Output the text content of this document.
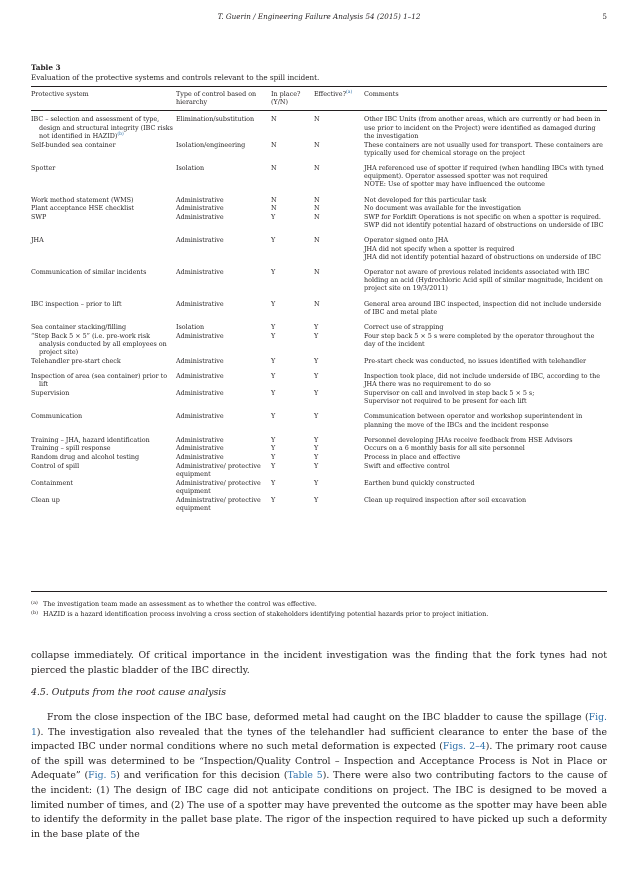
T. Guerin / Engineering Failure Analysis 54 (2015) 1–12	5
Table 3
Evaluation of the protective systems and controls relevant to the spill incident.
Protective system	Type of control based on hierarchy	In place? (Y/N)	Effective?$^{(a)}$	Comments
IBC – selection and assessment of type, design and structural integrity (IBC risks not identified in HAZID)$^{(b)}$	Elimination/substitution	N	N	Other IBC Units (from another areas, which are currently or had been in use prior to incident on the Project) were identified as damaged during the investigation
Self-bunded sea container	Isolation/engineering	N	N	These containers are not usually used for transport. These containers are typically used for chemical storage on the project
Spotter	Isolation	N	N	JHA referenced use of spotter if required (when handling IBCs with tyned equipment). Operator assessed spotter was not required
NOTE: Use of spotter may have influenced the outcome

Work method statement (WMS)	Administrative	N	N	Not developed for this particular task
Plant acceptance HSE checklist	Administrative	N	N	No document was available for the investigation
SWP	Administrative	Y	N	SWP for Forklift Operations is not specific on when a spotter is required. SWP did not identify potential hazard of obstructions on underside of IBC
JHA	Administrative	Y	N	Operator signed onto JHA
JHA did not specify when a spotter is required
JHA did not identify potential hazard of obstructions on underside of IBC

Communication of similar incidents	Administrative	Y	N	Operator not aware of previous related incidents associated with IBC holding an acid (Hydrochloric Acid spill of similar magnitude, Incident on project site on 19/3/2011)
IBC inspection – prior to lift	Administrative	Y	N	General area around IBC inspected, inspection did not include underside of IBC and metal plate
Sea container stacking/filling	Isolation	Y	Y	Correct use of strapping
“Step Back 5 × 5” (i.e. pre-work risk analysis conducted by all employees on project site)	Administrative	Y	Y	Four step back 5 × 5 s were completed by the operator throughout the day of the incident
Telehandler pre-start check	Administrative	Y	Y	Pre-start check was conducted, no issues identified with telehandler
Inspection of area (sea container) prior to lift	Administrative	Y	Y	Inspection took place, did not include underside of IBC, according to the JHA there was no requirement to do so
Supervision	Administrative	Y	Y	Supervisor on call and involved in step back 5 × 5 s;
Supervisor not required to be present for each lift

Communication	Administrative	Y	Y	Communication between operator and workshop superintendent in planning the move of the IBCs and the incident response
Training – JHA, hazard identification	Administrative	Y	Y	Personnel developing JHAs receive feedback from HSE Advisors
Training – spill response	Administrative	Y	Y	Occurs on a 6 monthly basis for all site personnel
Random drug and alcohol testing	Administrative	Y	Y	Process in place and effective
Control of spill	Administrative/ protective equipment	Y	Y	Swift and effective control
Containment	Administrative/ protective equipment	Y	Y	Earthen bund quickly constructed
Clean up	Administrative/ protective equipment	Y	Y	Clean up required inspection after soil excavation
(a) The investigation team made an assessment as to whether the control was effective.
(b) HAZID is a hazard identification process involving a cross section of stakeholders identifying potential hazards prior to project initiation.
collapse immediately. Of critical importance in the incident investigation was the finding that the fork tynes had not pierced the plastic bladder of the IBC directly.
4.5. Outputs from the root cause analysis
From the close inspection of the IBC base, deformed metal had caught on the IBC bladder to cause the spillage (Fig. 1). The investigation also revealed that the tynes of the telehandler had sufficient clearance to enter the base of the impacted IBC under normal conditions where no such metal deformation is expected (Figs. 2–4). The primary root cause of the spill was determined to be “Inspection/Quality Control – Inspection and Acceptance Process is Not in Place or Adequate” (Fig. 5) and verification for this decision (Table 5). There were also two contributing factors to the cause of the incident: (1) The design of IBC cage did not anticipate conditions on project. The IBC is designed to be moved a limited number of times, and (2) The use of a spotter may have prevented the outcome as the spotter may have been able to identify the deformity in the pallet base plate. The rigor of the inspection required to have picked up such a deformity in the base plate of the
